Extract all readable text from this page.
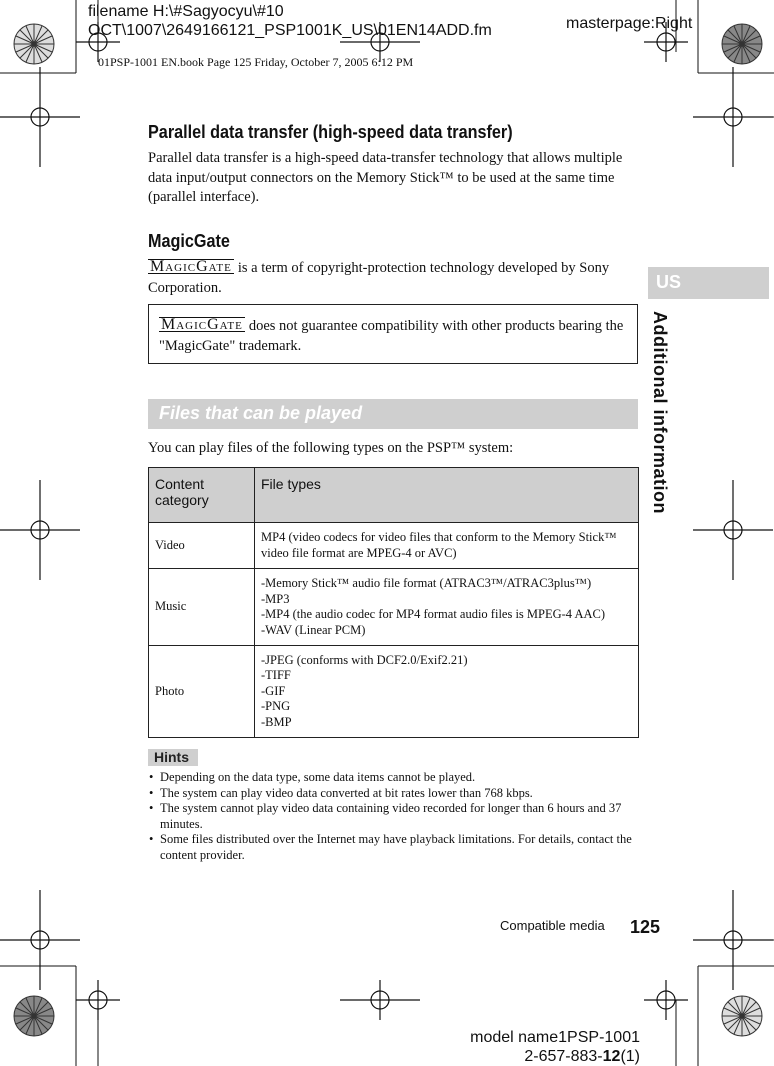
filename H:\#Sagyocyu\#10
OCT\1007\2649166121_PSP1001K_US\01EN14ADD.fm	masterpage:Right
01PSP-1001 EN.book Page 125 Friday, October 7, 2005 6:12 PM
Parallel data transfer (high-speed data transfer)
Parallel data transfer is a high-speed data-transfer technology that allows multiple data input/output connectors on the Memory Stick™ to be used at the same time (parallel interface).
MagicGate
MagicGate is a term of copyright-protection technology developed by Sony Corporation.
MagicGate does not guarantee compatibility with other products bearing the "MagicGate" trademark.
Files that can be played
You can play files of the following types on the PSP™ system:
Content category	File types
Video	MP4 (video codecs for video files that conform to the Memory Stick™ video file format are MPEG-4 or AVC)

Music	-Memory Stick™ audio file format (ATRAC3™/ATRAC3plus™)
-MP3
-MP4 (the audio codec for MP4 format audio files is MPEG-4 AAC)
-WAV (Linear PCM)

Photo	-JPEG (conforms with DCF2.0/Exif2.21)
-TIFF
-GIF
-PNG
-BMP
Hints
• Depending on the data type, some data items cannot be played.
• The system can play video data converted at bit rates lower than 768 kbps.
• The system cannot play video data containing video recorded for longer than 6 hours and 37 minutes.
• Some files distributed over the Internet may have playback limitations. For details, contact the content provider.
US
Additional information
Compatible media 125
model name1PSP-1001
2-657-883-12(1)
